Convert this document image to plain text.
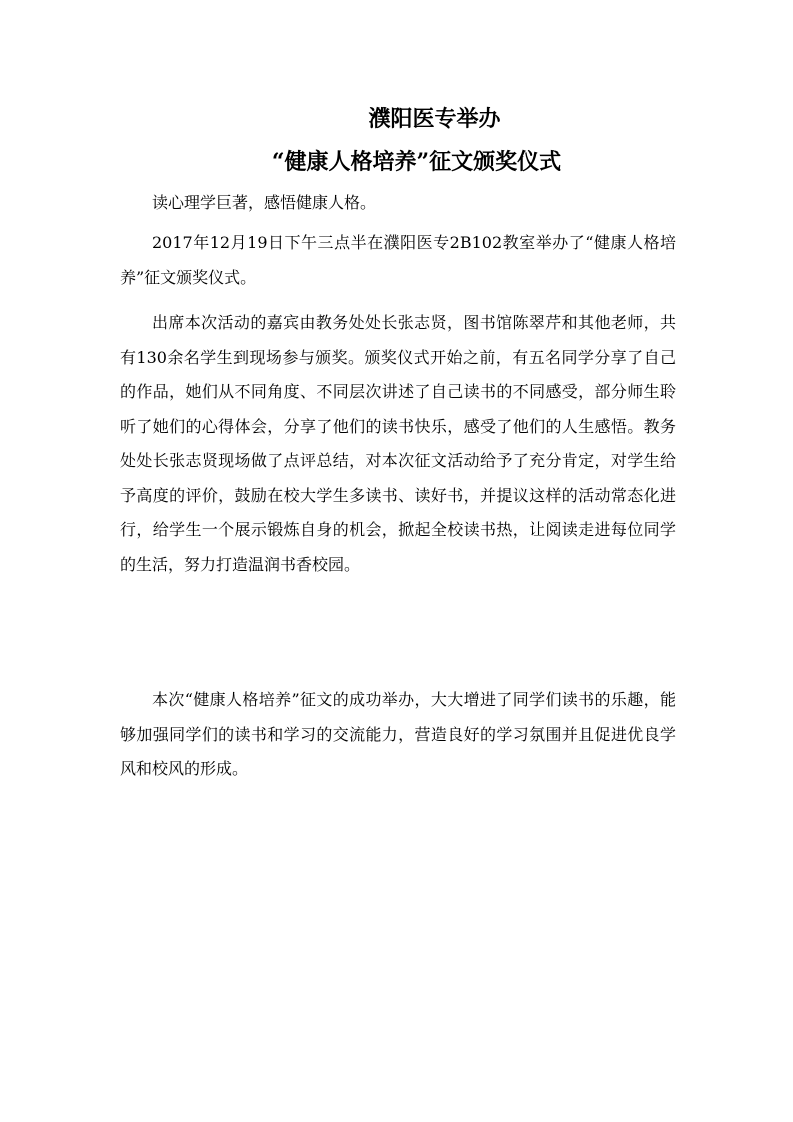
濮阳医专举办
“健康人格培养”征文颁奖仪式

读心理学巨著，感悟健康人格。

2017年12月19日下午三点半在濮阳医专2B102教室举办了“健康人格培养”征文颁奖仪式。

出席本次活动的嘉宾由教务处处长张志贤，图书馆陈翠芹和其他老师，共有130余名学生到现场参与颁奖。颁奖仪式开始之前，有五名同学分享了自己的作品，她们从不同角度、不同层次讲述了自己读书的不同感受，部分师生聆听了她们的心得体会，分享了他们的读书快乐，感受了他们的人生感悟。教务处处长张志贤现场做了点评总结，对本次征文活动给予了充分肯定，对学生给予高度的评价，鼓励在校大学生多读书、读好书，并提议这样的活动常态化进行，给学生一个展示锻炼自身的机会，掀起全校读书热，让阅读走进每位同学的生活，努力打造温润书香校园。

本次“健康人格培养”征文的成功举办，大大增进了同学们读书的乐趣，能够加强同学们的读书和学习的交流能力，营造良好的学习氛围并且促进优良学风和校风的形成。
